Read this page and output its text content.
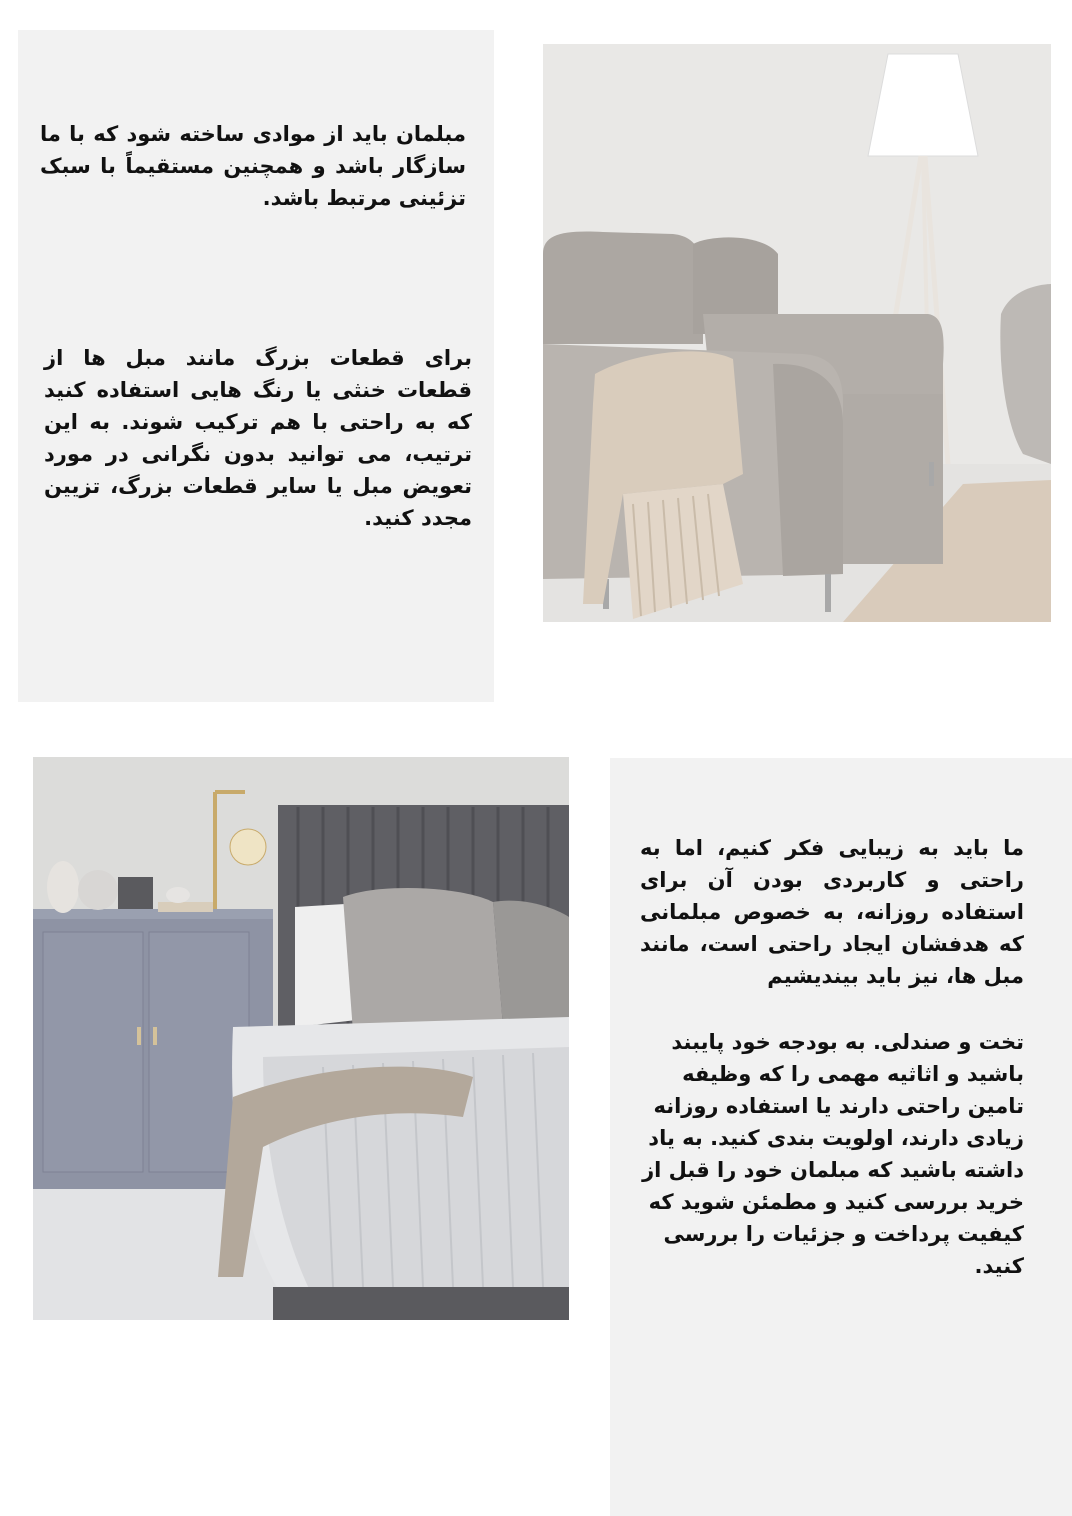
مبلمان باید از موادی ساخته شود که با ما سازگار باشد و همچنین مستقیماً با سبک تزئینی مرتبط باشد.

برای قطعات بزرگ مانند مبل ها از قطعات خنثی یا رنگ هایی استفاده کنید که به راحتی با هم ترکیب شوند. به این ترتیب، می توانید بدون نگرانی در مورد تعویض مبل یا سایر قطعات بزرگ، تزیین مجدد کنید.

ما باید به زیبایی فکر کنیم، اما به راحتی و کاربردی بودن آن برای استفاده روزانه، به خصوص مبلمانی که هدفشان ایجاد راحتی است، مانند مبل ها، نیز باید بیندیشیم

تخت و صندلی. به بودجه خود پایبند باشید و اثاثیه مهمی را که وظیفه تامین راحتی دارند یا استفاده روزانه زیادی دارند، اولویت بندی کنید. به یاد داشته باشید که مبلمان خود را قبل از خرید بررسی کنید و مطمئن شوید که کیفیت پرداخت و جزئیات را بررسی کنید.
